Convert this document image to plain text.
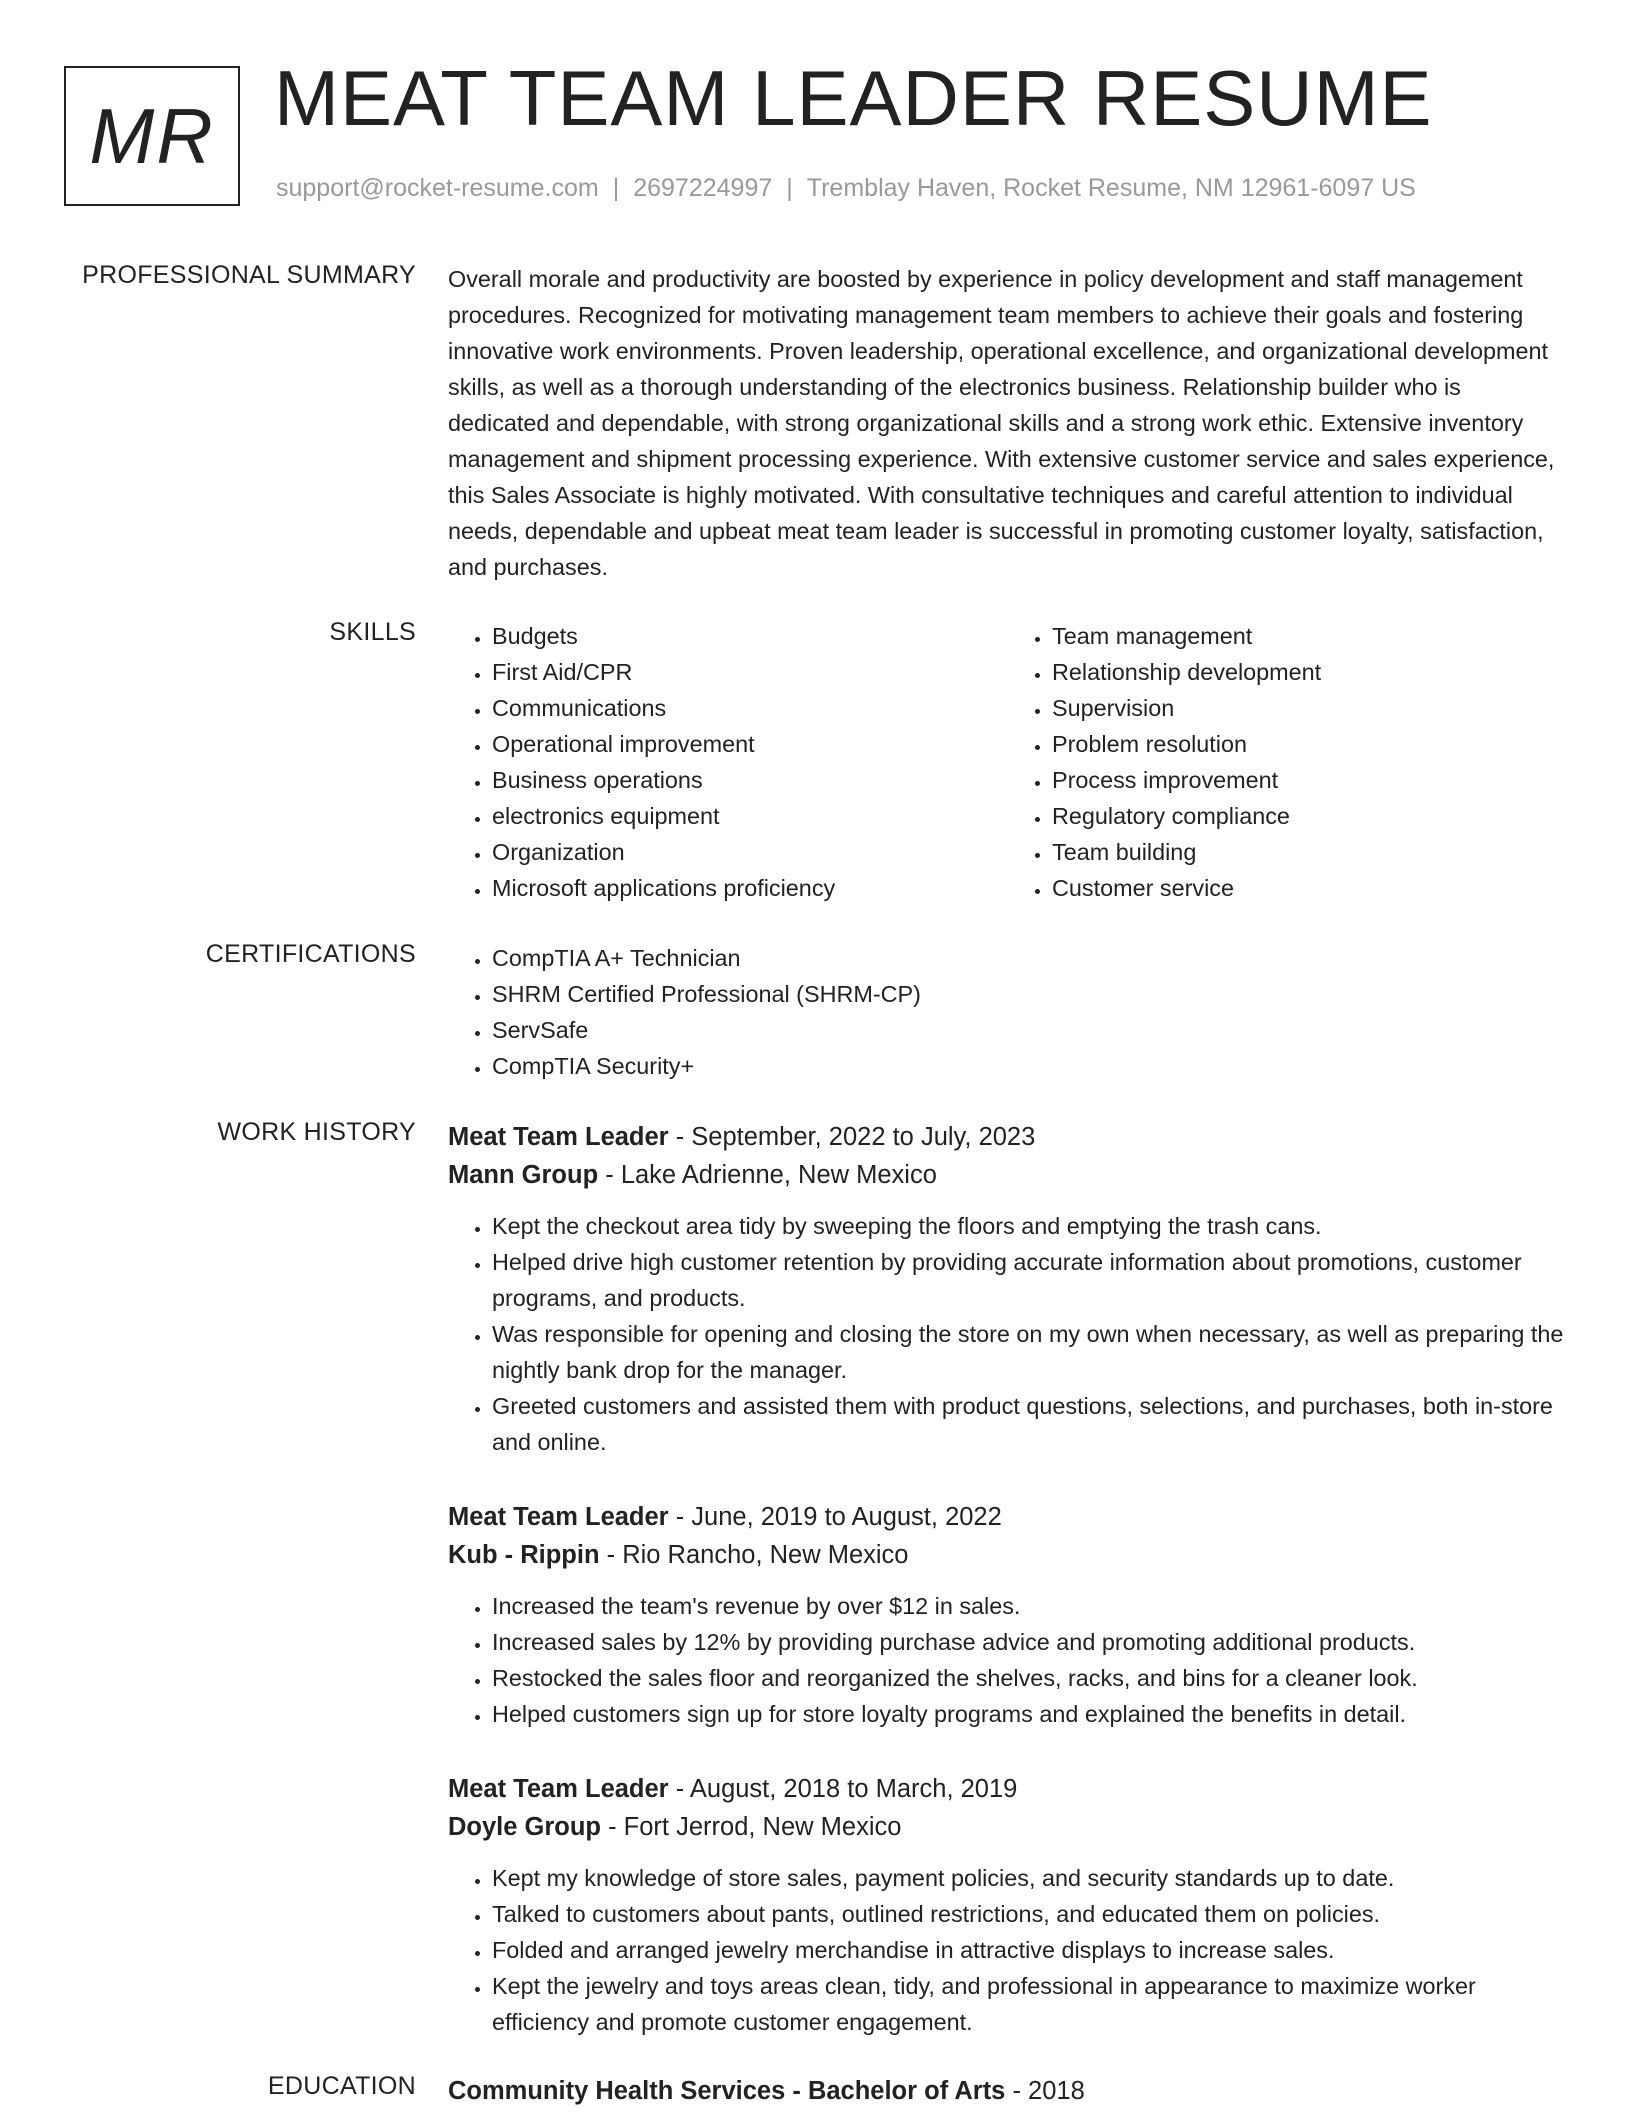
MR MEAT TEAM LEADER RESUME
support@rocket-resume.com | 2697224997 | Tremblay Haven, Rocket Resume, NM 12961-6097 US
PROFESSIONAL SUMMARY Overall morale and productivity are boosted by experience in policy development and staff management procedures. Recognized for motivating management team members to achieve their goals and fostering innovative work environments. Proven leadership, operational excellence, and organizational development skills, as well as a thorough understanding of the electronics business. Relationship builder who is dedicated and dependable, with strong organizational skills and a strong work ethic. Extensive inventory management and shipment processing experience. With extensive customer service and sales experience, this Sales Associate is highly motivated. With consultative techniques and careful attention to individual needs, dependable and upbeat meat team leader is successful in promoting customer loyalty, satisfaction, and purchases.

SKILLS	• Budgets
• First Aid/CPR
• Communications
• Operational improvement
• Business operations
• electronics equipment
• Organization
• Microsoft applications proficiency
• Team management
• Relationship development
• Supervision
• Problem resolution
• Process improvement
• Regulatory compliance
• Team building
• Customer service
CERTIFICATIONS	• CompTIA A+ Technician
• SHRM Certified Professional (SHRM-CP)
• ServSafe
• CompTIA Security+
WORK HISTORY Meat Team Leader - September, 2022 to July, 2023
Mann Group - Lake Adrienne, New Mexico
• Kept the checkout area tidy by sweeping the floors and emptying the trash cans.
• Helped drive high customer retention by providing accurate information about promotions, customer programs, and products.
• Was responsible for opening and closing the store on my own when necessary, as well as preparing the nightly bank drop for the manager.
• Greeted customers and assisted them with product questions, selections, and purchases, both in-store and online.
Meat Team Leader - June, 2019 to August, 2022
Kub - Rippin - Rio Rancho, New Mexico
• Increased the team's revenue by over $12 in sales.
• Increased sales by 12% by providing purchase advice and promoting additional products.
• Restocked the sales floor and reorganized the shelves, racks, and bins for a cleaner look.
• Helped customers sign up for store loyalty programs and explained the benefits in detail.
Meat Team Leader - August, 2018 to March, 2019
Doyle Group - Fort Jerrod, New Mexico
• Kept my knowledge of store sales, payment policies, and security standards up to date.
• Talked to customers about pants, outlined restrictions, and educated them on policies.
• Folded and arranged jewelry merchandise in attractive displays to increase sales.
• Kept the jewelry and toys areas clean, tidy, and professional in appearance to maximize worker efficiency and promote customer engagement.
EDUCATION Community Health Services - Bachelor of Arts - 2018
